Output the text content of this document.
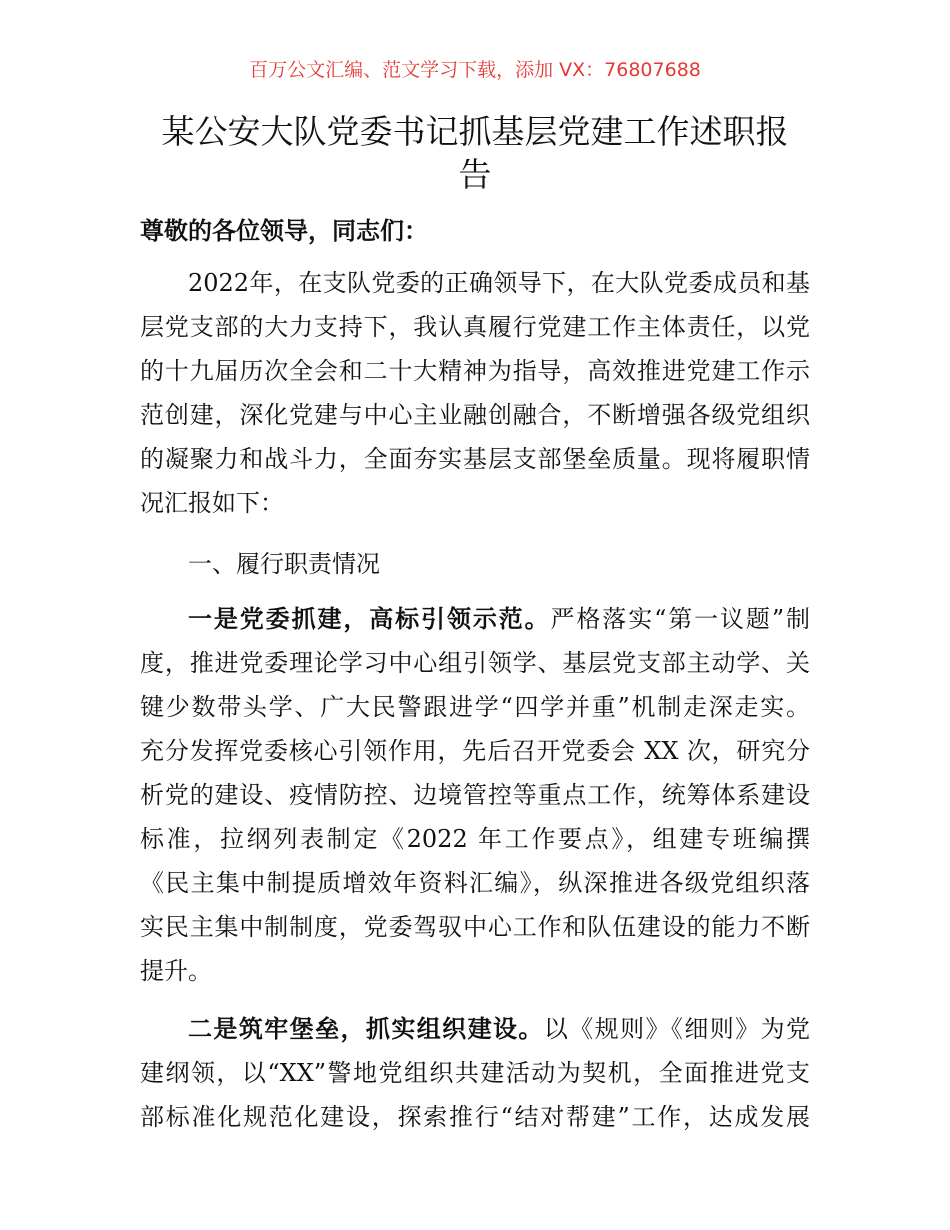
百万公文汇编、范文学习下载，添加 VX：76807688
某公安大队党委书记抓基层党建工作述职报
告
尊敬的各位领导，同志们：
2022年，在支队党委的正确领导下，在大队党委成员和基
层党支部的大力支持下，我认真履行党建工作主体责任，以党
的十九届历次全会和二十大精神为指导，高效推进党建工作示
范创建，深化党建与中心主业融创融合，不断增强各级党组织
的凝聚力和战斗力，全面夯实基层支部堡垒质量。现将履职情
况汇报如下：
一、履行职责情况
一是党委抓建，高标引领示范。严格落实“第一议题”制
度，推进党委理论学习中心组引领学、基层党支部主动学、关
键少数带头学、广大民警跟进学“四学并重”机制走深走实。
充分发挥党委核心引领作用，先后召开党委会 XX 次，研究分
析党的建设、疫情防控、边境管控等重点工作，统筹体系建设
标准，拉纲列表制定《2022 年工作要点》，组建专班编撰
《民主集中制提质增效年资料汇编》，纵深推进各级党组织落
实民主集中制制度，党委驾驭中心工作和队伍建设的能力不断
提升。
二是筑牢堡垒，抓实组织建设。以《规则》《细则》为党
建纲领，以“XX”警地党组织共建活动为契机，全面推进党支
部标准化规范化建设，探索推行“结对帮建”工作，达成发展
